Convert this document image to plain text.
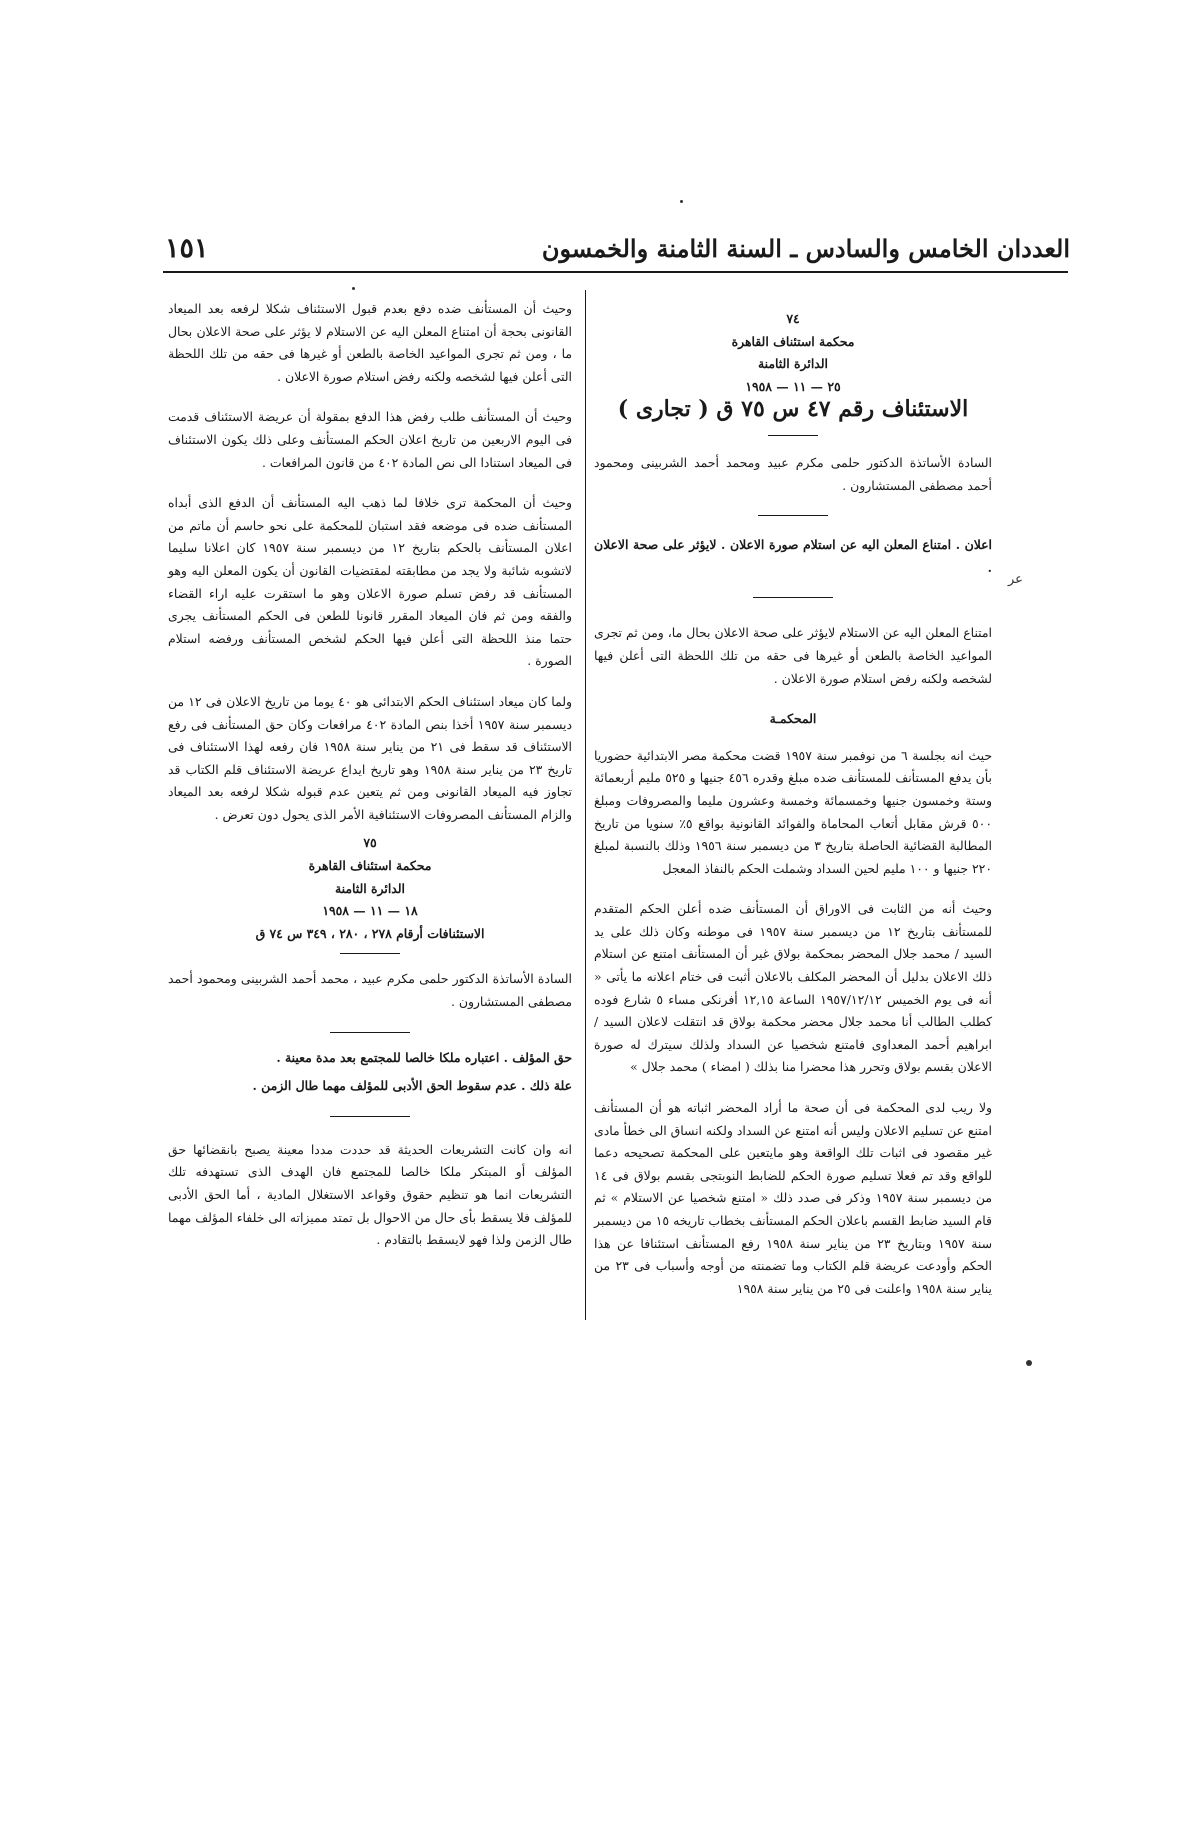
العددان الخامس والسادس ـ السنة الثامنة والخمسون
١٥١

٧٤

محكمة استئناف القاهرة

الدائرة الثامنة

٢٥ — ١١ — ١٩٥٨

الاستئناف رقم ٤٧ س ٧٥ ق ( تجارى )

السادة الأساتذة الدكتور حلمى مكرم عبيد ومحمد أحمد الشربينى ومحمود أحمد مصطفى المستشارون .

اعلان . امتناع المعلن اليه عن استلام صورة الاعلان . لايؤثر على صحة الاعلان .

امتناع المعلن اليه عن الاستلام لايؤثر على صحة الاعلان بحال ما، ومن ثم تجرى المواعيد الخاصة بالطعن أو غيرها فى حقه من تلك اللحظة التى أعلن فيها لشخصه ولكنه رفض استلام صورة الاعلان .

المحكمـة

حيث انه بجلسة ٦ من نوفمبر سنة ١٩٥٧ قضت محكمة مصر الابتدائية حضوريا بأن يدفع المستأنف للمستأنف ضده مبلغ وقدره ٤٥٦ جنيها و ٥٢٥ مليم أربعمائة وستة وخمسون جنيها وخمسمائة وخمسة وعشرون مليما والمصروفات ومبلغ ٥٠٠ قرش مقابل أتعاب المحاماة والفوائد القانونية بواقع ٥٪ سنويا من تاريخ المطالبة القضائية الحاصلة بتاريخ ٣ من ديسمبر سنة ١٩٥٦ وذلك بالنسبة لمبلغ ٢٢٠ جنيها و ١٠٠ مليم لحين السداد وشملت الحكم بالنفاذ المعجل

وحيث أنه من الثابت فى الاوراق أن المستأنف ضده أعلن الحكم المتقدم للمستأنف بتاريخ ١٢ من ديسمبر سنة ١٩٥٧ فى موطنه وكان ذلك على يد السيد / محمد جلال المحضر بمحكمة بولاق غير أن المستأنف امتنع عن استلام ذلك الاعلان بدليل أن المحضر المكلف بالاعلان أثبت فى ختام اعلانه ما يأتى « أنه فى يوم الخميس ١٩٥٧/١٢/١٢ الساعة ١٢,١٥ أفرنكى مساء ٥ شارع فوده كطلب الطالب أنا محمد جلال محضر محكمة بولاق قد انتقلت لاعلان السيد / ابراهيم أحمد المعداوى فامتنع شخصيا عن السداد ولذلك سيترك له صورة الاعلان بقسم بولاق وتحرر هذا محضرا منا بذلك ( امضاء ) محمد جلال »

ولا ريب لدى المحكمة فى أن صحة ما أراد المحضر اثباته هو أن المستأنف امتنع عن تسليم الاعلان وليس أنه امتنع عن السداد ولكنه انساق الى خطأ مادى غير مقصود فى اثبات تلك الواقعة وهو مايتعين على المحكمة تصحيحه دعما للواقع وقد تم فعلا تسليم صورة الحكم للضابط النوبتجى بقسم بولاق فى ١٤ من ديسمبر سنة ١٩٥٧ وذكر فى صدد ذلك « امتنع شخصيا عن الاستلام » ثم قام السيد ضابط القسم باعلان الحكم المستأنف بخطاب تاريخه ١٥ من ديسمبر سنة ١٩٥٧ وبتاريخ ٢٣ من يناير سنة ١٩٥٨ رفع المستأنف استئنافا عن هذا الحكم وأودعت عريضة قلم الكتاب وما تضمنته من أوجه وأسباب فى ٢٣ من يناير سنة ١٩٥٨ واعلنت فى ٢٥ من يناير سنة ١٩٥٨

وحيث أن المستأنف ضده دفع بعدم قبول الاستئناف شكلا لرفعه بعد الميعاد القانونى بحجة أن امتناع المعلن اليه عن الاستلام لا يؤثر على صحة الاعلان بحال ما ، ومن ثم تجرى المواعيد الخاصة بالطعن أو غيرها فى حقه من تلك اللحظة التى أعلن فيها لشخصه ولكنه رفض استلام صورة الاعلان .

وحيث أن المستأنف طلب رفض هذا الدفع بمقولة أن عريضة الاستئناف قدمت فى اليوم الاربعين من تاريخ اعلان الحكم المستأنف وعلى ذلك يكون الاستئناف فى الميعاد استنادا الى نص المادة ٤٠٢ من قانون المرافعات .

وحيث أن المحكمة ترى خلافا لما ذهب اليه المستأنف أن الدفع الذى أبداه المستأنف ضده فى موضعه فقد استبان للمحكمة على نحو حاسم أن ماتم من اعلان المستأنف بالحكم بتاريخ ١٢ من ديسمبر سنة ١٩٥٧ كان اعلانا سليما لاتشوبه شائبة ولا يجد من مطابقته لمقتضيات القانون أن يكون المعلن اليه وهو المستأنف قد رفض تسلم صورة الاعلان وهو ما استقرت عليه اراء القضاء والفقه ومن ثم فان الميعاد المقرر قانونا للطعن فى الحكم المستأنف يجرى حتما منذ اللحظة التى أعلن فيها الحكم لشخص المستأنف ورفضه استلام الصورة .

ولما كان ميعاد استئناف الحكم الابتدائى هو ٤٠ يوما من تاريخ الاعلان فى ١٢ من ديسمبر سنة ١٩٥٧ أخذا بنص المادة ٤٠٢ مرافعات وكان حق المستأنف فى رفع الاستئناف قد سقط فى ٢١ من يناير سنة ١٩٥٨ فان رفعه لهذا الاستئناف فى تاريخ ٢٣ من يناير سنة ١٩٥٨ وهو تاريخ ايداع عريضة الاستئناف قلم الكتاب قد تجاوز فيه الميعاد القانونى ومن ثم يتعين عدم قبوله شكلا لرفعه بعد الميعاد والزام المستأنف المصروفات الاستئنافية الأمر الذى يحول دون تعرض .

٧٥

محكمة استئناف القاهرة

الدائرة الثامنة

١٨ — ١١ — ١٩٥٨

الاستئنافات أرقام ٢٧٨ ، ٢٨٠ ، ٣٤٩ س ٧٤ ق

السادة الأساتذة الدكتور حلمى مكرم عبيد ، محمد أحمد الشربينى ومحمود أحمد مصطفى المستشارون .

حق المؤلف . اعتباره ملكا خالصا للمجتمع بعد مدة معينة .

علة ذلك . عدم سقوط الحق الأدبى للمؤلف مهما طال الزمن .

انه وان كانت التشريعات الحديثة قد حددت مددا معينة يصبح بانقضائها حق المؤلف أو المبتكر ملكا خالصا للمجتمع فان الهدف الذى تستهدفه تلك التشريعات انما هو تنظيم حقوق وقواعد الاستغلال المادية ، أما الحق الأدبى للمؤلف فلا يسقط بأى حال من الاحوال بل تمتد مميزاته الى خلفاء المؤلف مهما طال الزمن ولذا فهو لايسقط بالتقادم .

عر
